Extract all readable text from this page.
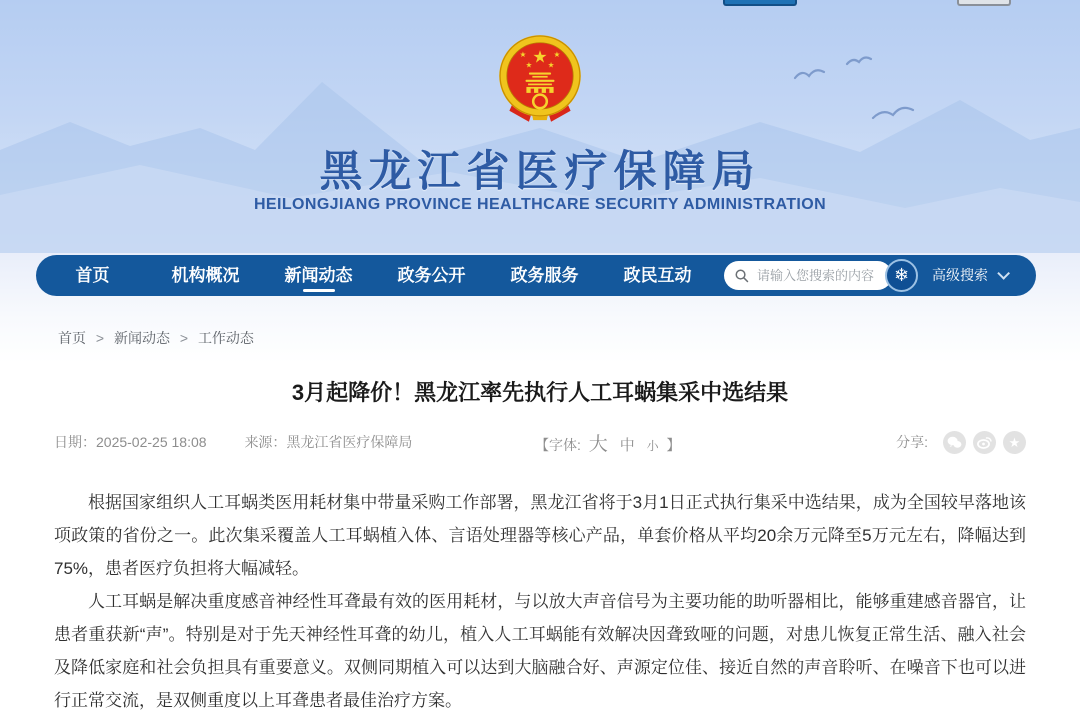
★
★	★
★ ★
黑龙江省医疗保障局
HEILONGJIANG PROVINCE HEALTHCARE SECURITY ADMINISTRATION
首页	机构概况	新闻动态	政务公开	政务服务	政民互动
请输入您搜索的内容	❄	高级搜索
首页 > 新闻动态 > 工作动态
3月起降价！黑龙江率先执行人工耳蜗集采中选结果
日期：2025-02-25 18:08	来源：黑龙江省医疗保障局	【字体: 大 中 小 】	分享:	★

根据国家组织人工耳蜗类医用耗材集中带量采购工作部署，黑龙江省将于3月1日正式执行集采中选结果，成为全国较早落地该项政策的省份之一。此次集采覆盖人工耳蜗植入体、言语处理器等核心产品，单套价格从平均20余万元降至5万元左右，降幅达到75%，患者医疗负担将大幅减轻。

人工耳蜗是解决重度感音神经性耳聋最有效的医用耗材，与以放大声音信号为主要功能的助听器相比，能够重建感音器官，让患者重获新“声”。特别是对于先天神经性耳聋的幼儿，植入人工耳蜗能有效解决因聋致哑的问题，对患儿恢复正常生活、融入社会及降低家庭和社会负担具有重要意义。双侧同期植入可以达到大脑融合好、声源定位佳、接近自然的声音聆听、在噪音下也可以进行正常交流，是双侧重度以上耳聋患者最佳治疗方案。
